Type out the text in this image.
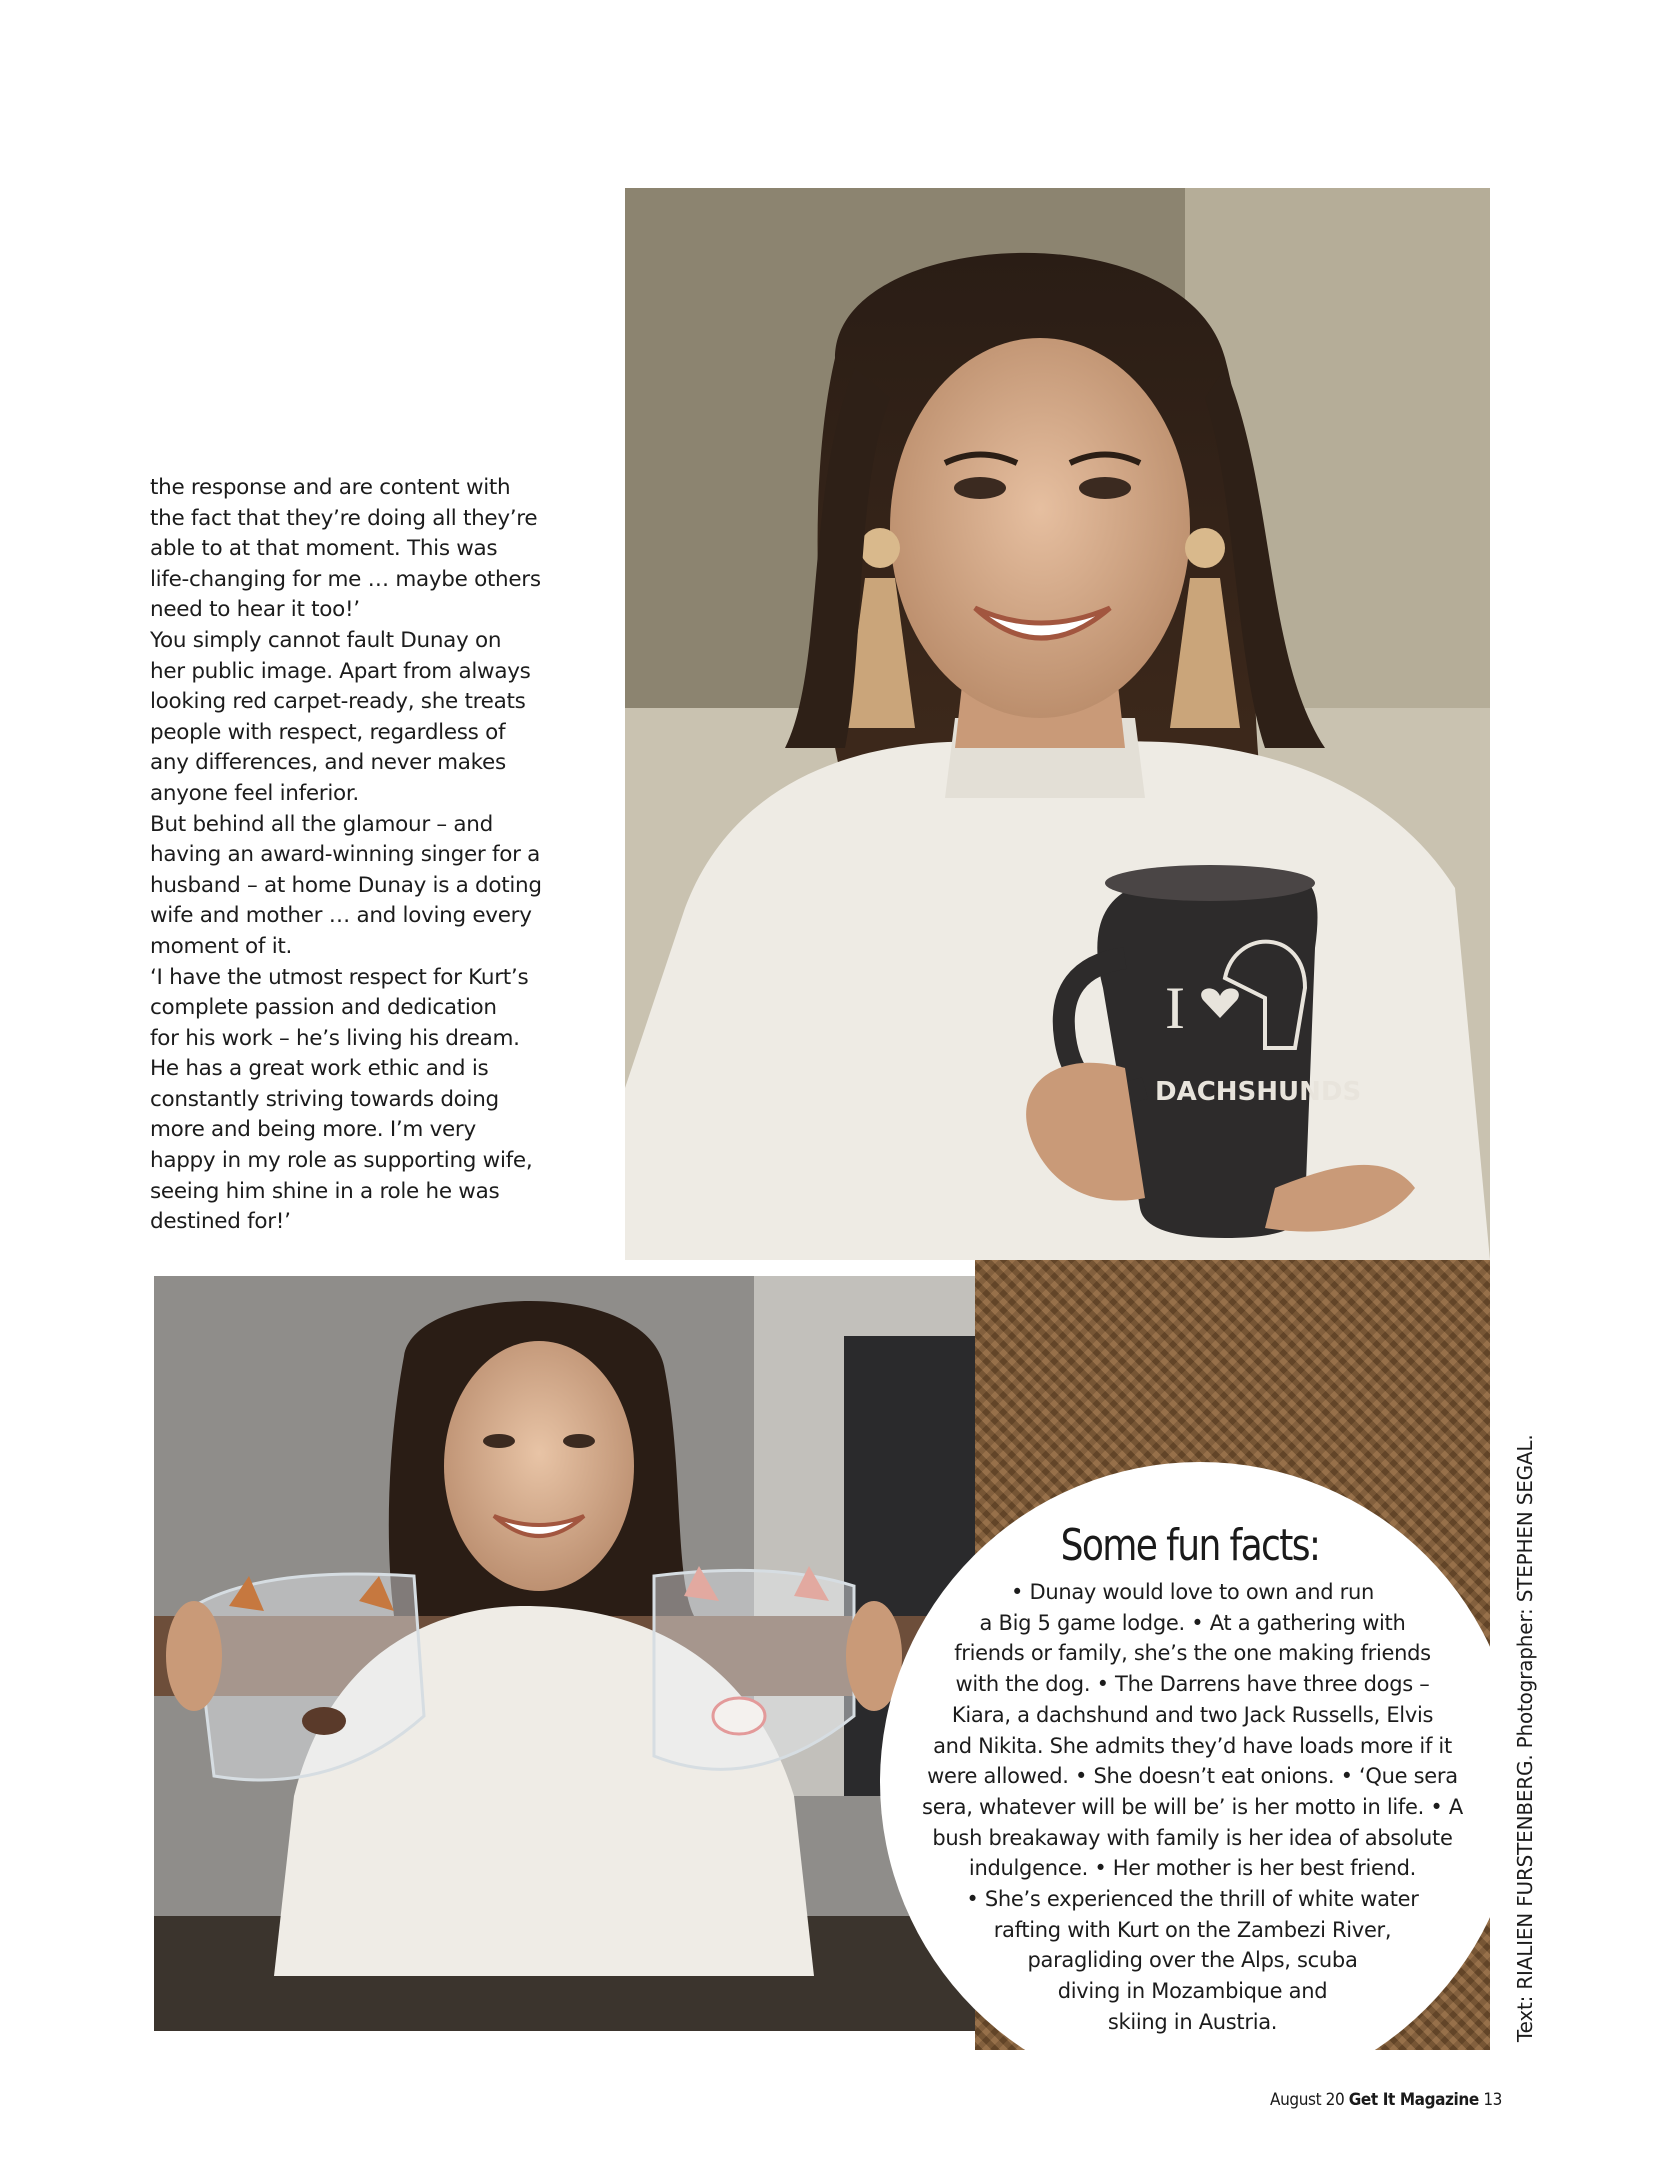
the response and are content with
the fact that they’re doing all they’re
able to at that moment. This was
life-changing for me … maybe others
need to hear it too!’

You simply cannot fault Dunay on
her public image. Apart from always
looking red carpet-ready, she treats
people with respect, regardless of
any differences, and never makes
anyone feel inferior.

But behind all the glamour – and
having an award-winning singer for a
husband – at home Dunay is a doting
wife and mother … and loving every
moment of it.

‘I have the utmost respect for Kurt’s
complete passion and dedication
for his work – he’s living his dream.
He has a great work ethic and is
constantly striving towards doing
more and being more. I’m very
happy in my role as supporting wife,
seeing him shine in a role he was
destined for!’

I
DACHSHUNDS
Some fun facts:
• Dunay would love to own and run
a Big 5 game lodge. • At a gathering with
friends or family, she’s the one making friends
with the dog. • The Darrens have three dogs –
Kiara, a dachshund and two Jack Russells, Elvis
and Nikita. She admits they’d have loads more if it
were allowed. • She doesn’t eat onions. • ‘Que sera
sera, whatever will be will be’ is her motto in life. • A
bush breakaway with family is her idea of absolute
indulgence. • Her mother is her best friend.
• She’s experienced the thrill of white water
rafting with Kurt on the Zambezi River,
paragliding over the Alps, scuba
diving in Mozambique and
skiing in Austria.	Text: RIALIEN FURSTENBERG. Photographer: STEPHEN SEGAL.
August 20 Get It Magazine 13
